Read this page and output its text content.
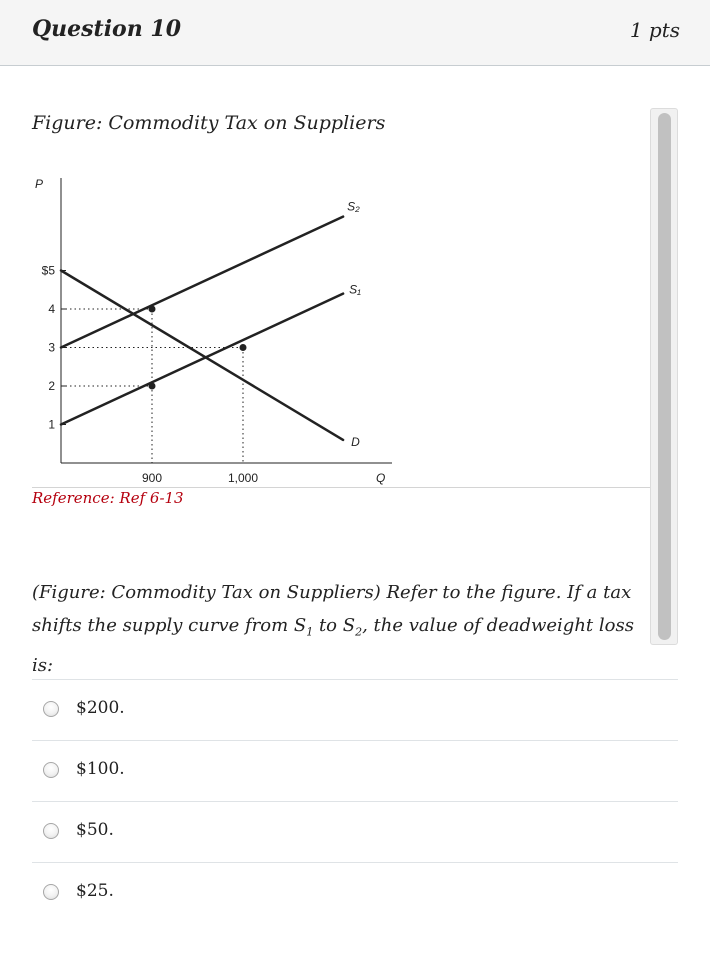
Question 10	1 pts
Figure: Commodity Tax on Suppliers
P
Q
1
2
3
4
$5
900	1,000
S₂
S₁
D
Reference: Ref 6-13
(Figure: Commodity Tax on Suppliers) Refer to the figure. If a tax shifts the supply curve from $S_1$ to $S_2$, the value of deadweight loss is:
$200.
$100.
$50.
$25.
